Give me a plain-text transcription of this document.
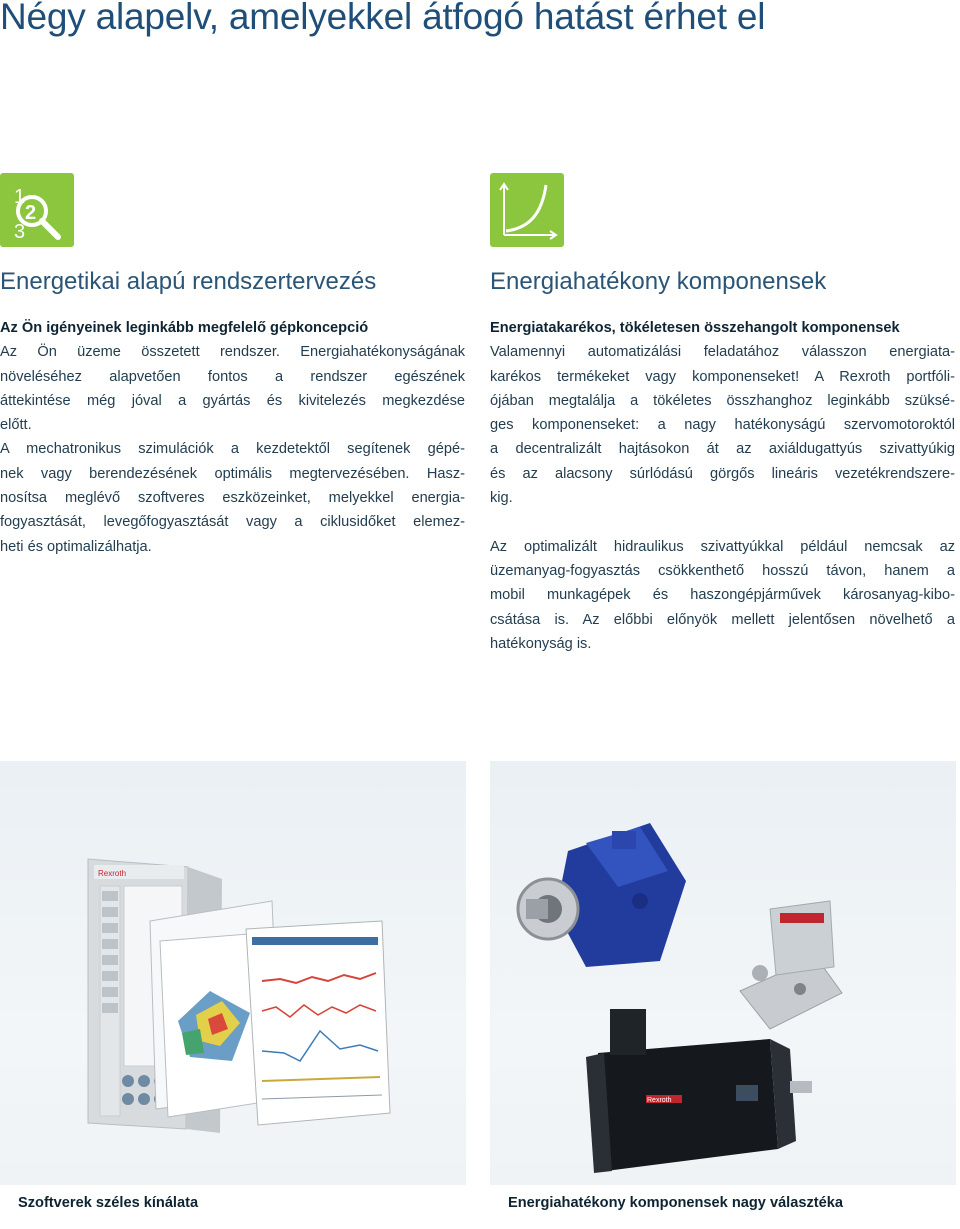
Négy alapelv, amelyekkel átfogó hatást érhet el
1
3
2
Energetikai alapú rendszertervezés

Az Ön igényeinek leginkább megfelelő gépkoncepció

Az Ön üzeme összetett rendszer. Energiahatékonyságának

növeléséhez alapvetően fontos a rendszer egészének

áttekintése még jóval a gyártás és kivitelezés megkezdése

előtt.

A mechatronikus szimulációk a kezdetektől segítenek gépé-

nek vagy berendezésének optimális megtervezésében. Hasz-

nosítsa meglévő szoftveres eszközeinket, melyekkel energia-

fogyasztását, levegőfogyasztását vagy a ciklusidőket elemez-

heti és optimalizálhatja.

Energiahatékony komponensek

Energiatakarékos, tökéletesen összehangolt komponensek

Valamennyi automatizálási feladatához válasszon energiata-

karékos termékeket vagy komponenseket! A Rexroth portfóli-

ójában megtalálja a tökéletes összhanghoz leginkább szüksé-

ges komponenseket: a nagy hatékonyságú szervomotoroktól

a decentralizált hajtásokon át az axiáldugattyús szivattyúkig

és az alacsony súrlódású görgős lineáris vezetékrendszere-

kig.

Az optimalizált hidraulikus szivattyúkkal például nemcsak az

üzemanyag-fogyasztás csökkenthető hosszú távon, hanem a

mobil munkagépek és haszongépjárművek károsanyag-kibo-

csátása is. Az előbbi előnyök mellett jelentősen növelhető a

hatékonyság is.

Rexroth
Szoftverek széles kínálata
Rexroth
Energiahatékony komponensek nagy választéka
